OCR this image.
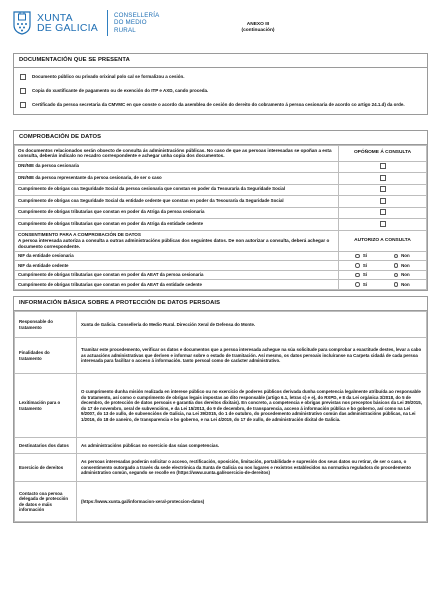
XUNTA
DE GALICIA
CONSELLERÍA
DO MEDIO
RURAL
ANEXO III
(continuación)
DOCUMENTACIÓN QUE SE PRESENTA
Documento público ou privado orixinal polo cal se formalizou a cesión.
Copia do xustificante de pagamento ou de exención do ITP e AXD, cando proceda.
Certificado da persoa secretaria da CMVMC en que conste o acordo da asemblea de cesión do dereito do cobramento á persoa cesionaria de acordo co artigo 24.1.d) da orde.
COMPROBACIÓN DE DATOS
Os documentos relacionados serán obxecto de consulta ás administracións públicas. No caso de que as persoas interesadas se opoñan a esta consulta, deberán indicalo no recadro correspondente e achegar unha copia dos documentos.	OPÓÑOME Á CONSULTA
DNI/NIE da persoa cesionaria	
DNI/NIE da persoa representante da persoa cesionaria, de ser o caso	
Cumprimento de obrigas coa Seguridade Social da persoa cesionaria que constan en poder da Tesouraría da Seguridade Social	
Cumprimento de obrigas coa Seguridade Social da entidade cedente que constan en poder da Tesouraría da Seguridade Social	
Cumprimento de obrigas tributarias que constan en poder da Atriga da persoa cesionaria	
Cumprimento de obrigas tributarias que constan en poder da Atriga da entidade cedente	

CONSENTIMENTO PARA A COMPROBACIÓN DE DATOS
A persoa interesada autoriza a consulta a outras administracións públicas dos seguintes datos. De non autorizar a consulta, deberá achegar o documento correspondente.	AUTORIZO A CONSULTA
NIF da entidade cesionaria	Sí Non

NIF da entidade cedente	Sí Non

Cumprimento de obrigas tributarias que constan en poder da AEAT da persoa cesionaria	Sí Non

Cumprimento de obrigas tributarias que constan en poder da AEAT da entidade cedente	Sí Non
INFORMACIÓN BÁSICA SOBRE A PROTECCIÓN DE DATOS PERSOAIS
Responsable do tratamento	Xunta de Galicia. Consellería do Medio Rural. Dirección Xeral de Defensa do Monte.
Finalidades do tratamento	Tramitar este procedemento, verificar os datos e documentos que a persoa interesada achegue na súa solicitude para comprobar a exactitude destes, levar a cabo as actuacións administrativas que deriven e informar sobre o estado de tramitación. Así mesmo, os datos persoais incluíranse na Carpeta cidadá de cada persoa interesada para facilitar o acceso á información. tanto persoal como de carácter administrativo.
Lexitimación para o tratamento	O cumprimento dunha misión realizada en interese público ou no exercicio de poderes públicos derivada dunha competencia legalmente atribuída ao responsable do tratamento, así como o cumprimento de obrigas legais impostas ao dito responsable (artigo 6.1, letras c) e e), do RXPD, e 8 da Lei orgánica 3/2018, do 5 de decembro, de protección de datos persoais e garantía dos dereitos dixitais). En concreto, a competencia e obrigas previstas nos preceptos básicos da Lei 39/2015, do 17 de novembro, xeral de subvencións, e da Lei 15/2013, do 9 de decembro, de transparencia, acceso á información pública e bo goberno, así como na Lei 9/2007, do 13 de xullo, de subvencións de Galicia, na Lei 39/2015, do 1 de outubro, do procedemento administrativo común das administracións públicas, na Lei 1/2016, do 18 de xaneiro, de transparencia e bo goberno, e na Lei 4/2019, do 17 de xullo, de administración dixital de Galicia.
Destinatarios dos datos	As administracións públicas no exercicio das súas competencias.
Exercicio de dereitos	As persoas interesadas poderán solicitar o acceso, rectificación, oposición, limitación, portabilidade e supresión dos seus datos ou retirar, de ser o caso, o consentimento outorgado a través da sede electrónica da Xunta de Galicia ou nos lugares e rexistros establecidos na normativa reguladora do procedemento administrativo común, segundo se recolle en (https://www.xunta.gal/exercicio-de-dereitos)
Contacto coa persoa delegada de protección de datos e máis información	(https://www.xunta.gal/informacion-xeral-proteccion-datos)
